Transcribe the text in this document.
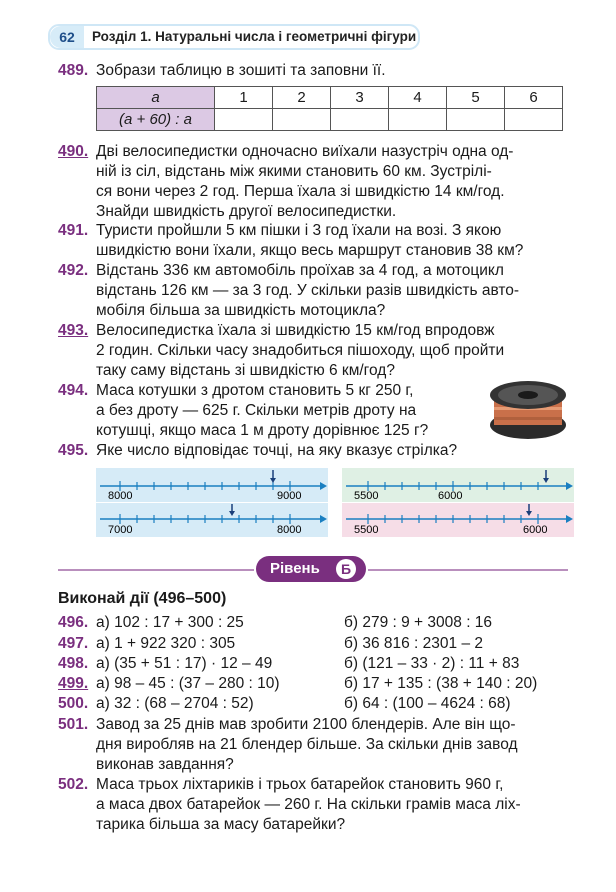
62	Розділ 1. Натуральні числа і геометричні фігури
489. Зобрази таблицю в зошиті та заповни її.
a	1	2	3	4	5	6
(a + 60) : a						
490. Дві велосипедистки одночасно виїхали назустріч одна од-
ній із сіл, відстань між якими становить 60 км. Зустрілі-
ся вони через 2 год. Перша їхала зі швидкістю 14 км/год.
Знайди швидкість другої велосипедистки.
491. Туристи пройшли 5 км пішки і 3 год їхали на возі. З якою
швидкістю вони їхали, якщо весь маршрут становив 38 км?
492. Відстань 336 км автомобіль проїхав за 4 год, а мотоцикл
відстань 126 км — за 3 год. У скільки разів швидкість авто-
мобіля більша за швидкість мотоцикла?
493. Велосипедистка їхала зі швидкістю 15 км/год впродовж
2 годин. Скільки часу знадобиться пішоходу, щоб пройти
таку саму відстань зі швидкістю 6 км/год?
494. Маса котушки з дротом становить 5 кг 250 г,
а без дроту — 625 г. Скільки метрів дроту на
котушці, якщо маса 1 м дроту дорівнює 125 г?
495. Яке число відповідає точці, на яку вказує стрілка?
8000	9000	5500	6000
7000	8000	5500	6000
Рівень	Б
Виконай дії (496–500)
496. а) 102 : 17 + 300 : 25	б) 279 : 9 + 3008 : 16
497. а) 1 + 922 320 : 305	б) 36 816 : 2301 – 2
498. а) (35 + 51 : 17) · 12 – 49	б) (121 – 33 · 2) : 11 + 83
499. а) 98 – 45 : (37 – 280 : 10)	б) 17 + 135 : (38 + 140 : 20)
500. а) 32 : (68 – 2704 : 52)	б) 64 : (100 – 4624 : 68)
501. Завод за 25 днів мав зробити 2100 блендерів. Але він що-
дня виробляв на 21 блендер більше. За скільки днів завод
виконав завдання?
502. Маса трьох ліхтариків і трьох батарейок становить 960 г,
а маса двох батарейок — 260 г. На скільки грамів маса ліх-
тарика більша за масу батарейки?
